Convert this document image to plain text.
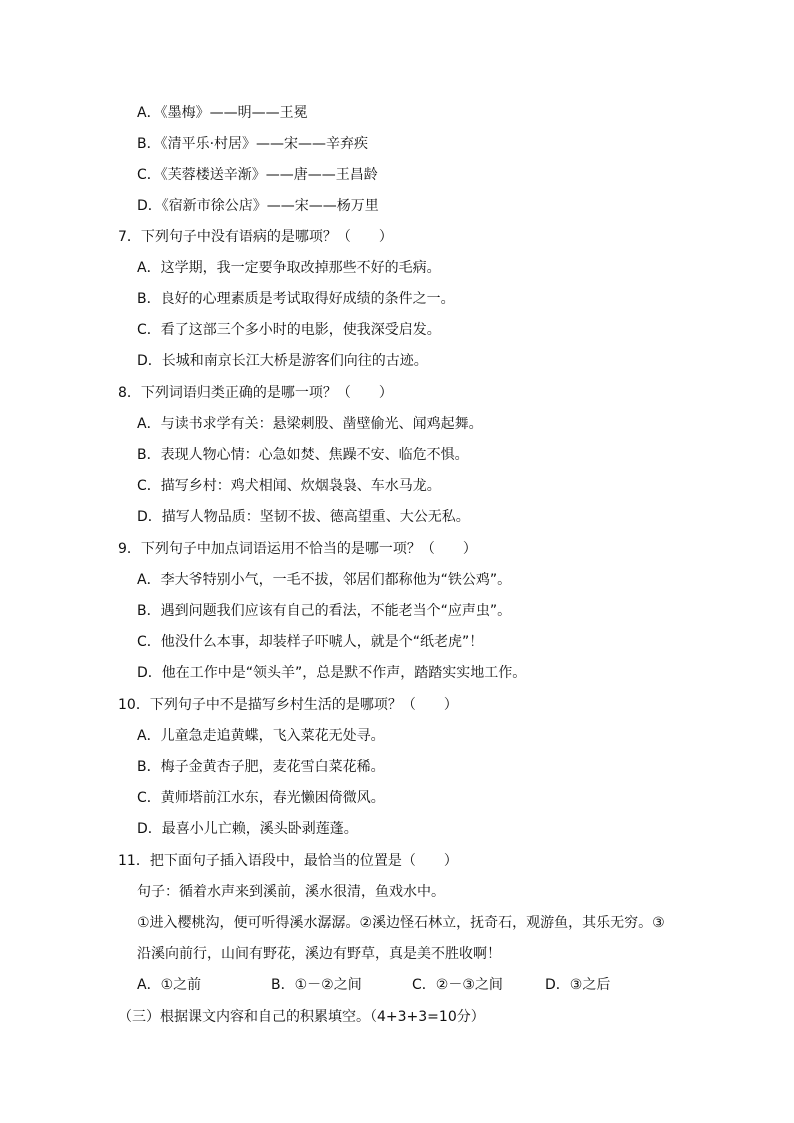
A．《墨梅》——明——王冕
B．《清平乐·村居》——宋——辛弃疾
C．《芙蓉楼送辛渐》——唐——王昌龄
D．《宿新市徐公店》——宋——杨万里
7．下列句子中没有语病的是哪项？（　　）
A．这学期，我一定要争取改掉那些不好的毛病。
B．良好的心理素质是考试取得好成绩的条件之一。
C．看了这部三个多小时的电影，使我深受启发。
D．长城和南京长江大桥是游客们向往的古迹。
8．下列词语归类正确的是哪一项？（　　）
A．与读书求学有关：悬梁刺股、凿壁偷光、闻鸡起舞。
B．表现人物心情：心急如焚、焦躁不安、临危不惧。
C．描写乡村：鸡犬相闻、炊烟袅袅、车水马龙。
D．描写人物品质：坚韧不拔、德高望重、大公无私。
9．下列句子中加点词语运用不恰当的是哪一项？（　　）
A．李大爷特别小气，一毛不拔，邻居们都称他为“铁公鸡”。
B．遇到问题我们应该有自己的看法，不能老当个“应声虫”。
C．他没什么本事，却装样子吓唬人，就是个“纸老虎”！
D．他在工作中是“领头羊”，总是默不作声，踏踏实实地工作。
10．下列句子中不是描写乡村生活的是哪项？（　　）
A．儿童急走追黄蝶，飞入菜花无处寻。
B．梅子金黄杏子肥，麦花雪白菜花稀。
C．黄师塔前江水东，春光懒困倚微风。
D．最喜小儿亡赖，溪头卧剥莲蓬。
11．把下面句子插入语段中，最恰当的位置是（　　）
句子：循着水声来到溪前，溪水很清，鱼戏水中。
①进入樱桃沟，便可听得溪水潺潺。②溪边怪石林立，抚奇石，观游鱼，其乐无穷。③
沿溪向前行，山间有野花，溪边有野草，真是美不胜收啊！
A．①之前	B．①－②之间	C．②－③之间	D．③之后
（三）根据课文内容和自己的积累填空。（4+3+3=10分）
